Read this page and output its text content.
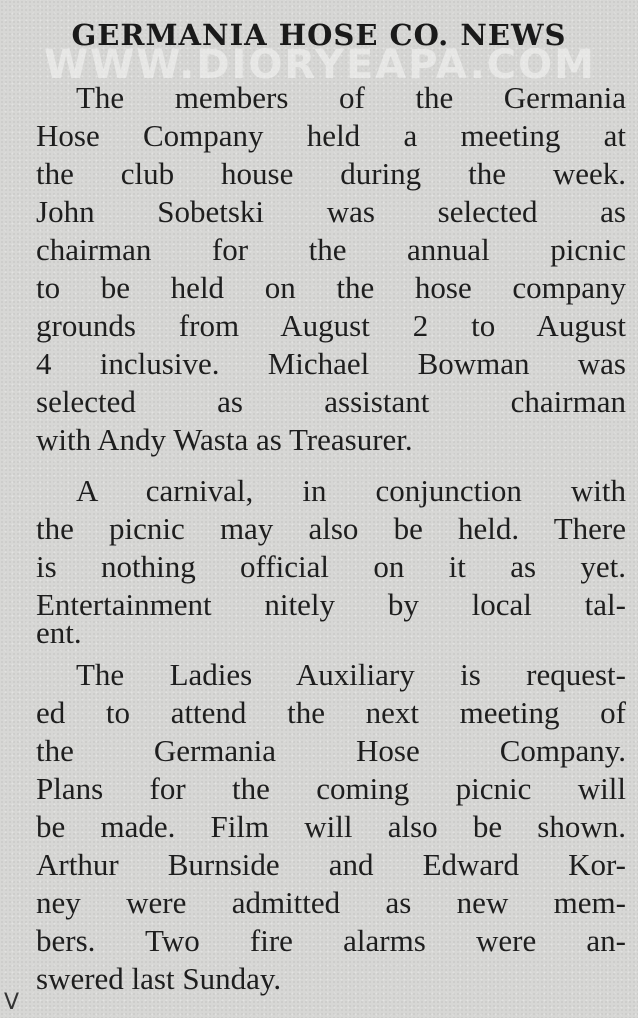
GERMANIA HOSE CO. NEWS
WWW.DIORYEAPA.COM
The members of the Germania
Hose Company held a meeting at
the club house during the week.
John Sobetski was selected as
chairman for the annual picnic
to be held on the hose company
grounds from August 2 to August
4 inclusive. Michael Bowman was
selected as assistant chairman
with Andy Wasta as Treasurer.
A carnival, in conjunction with
the picnic may also be held. There
is nothing official on it as yet.
Entertainment nitely by local tal-
ent.
The Ladies Auxiliary is request-
ed to attend the next meeting of
the Germania Hose Company.
Plans for the coming picnic will
be made. Film will also be shown.
Arthur Burnside and Edward Kor-
ney were admitted as new mem-
bers. Two fire alarms were an-
swered last Sunday.
V
